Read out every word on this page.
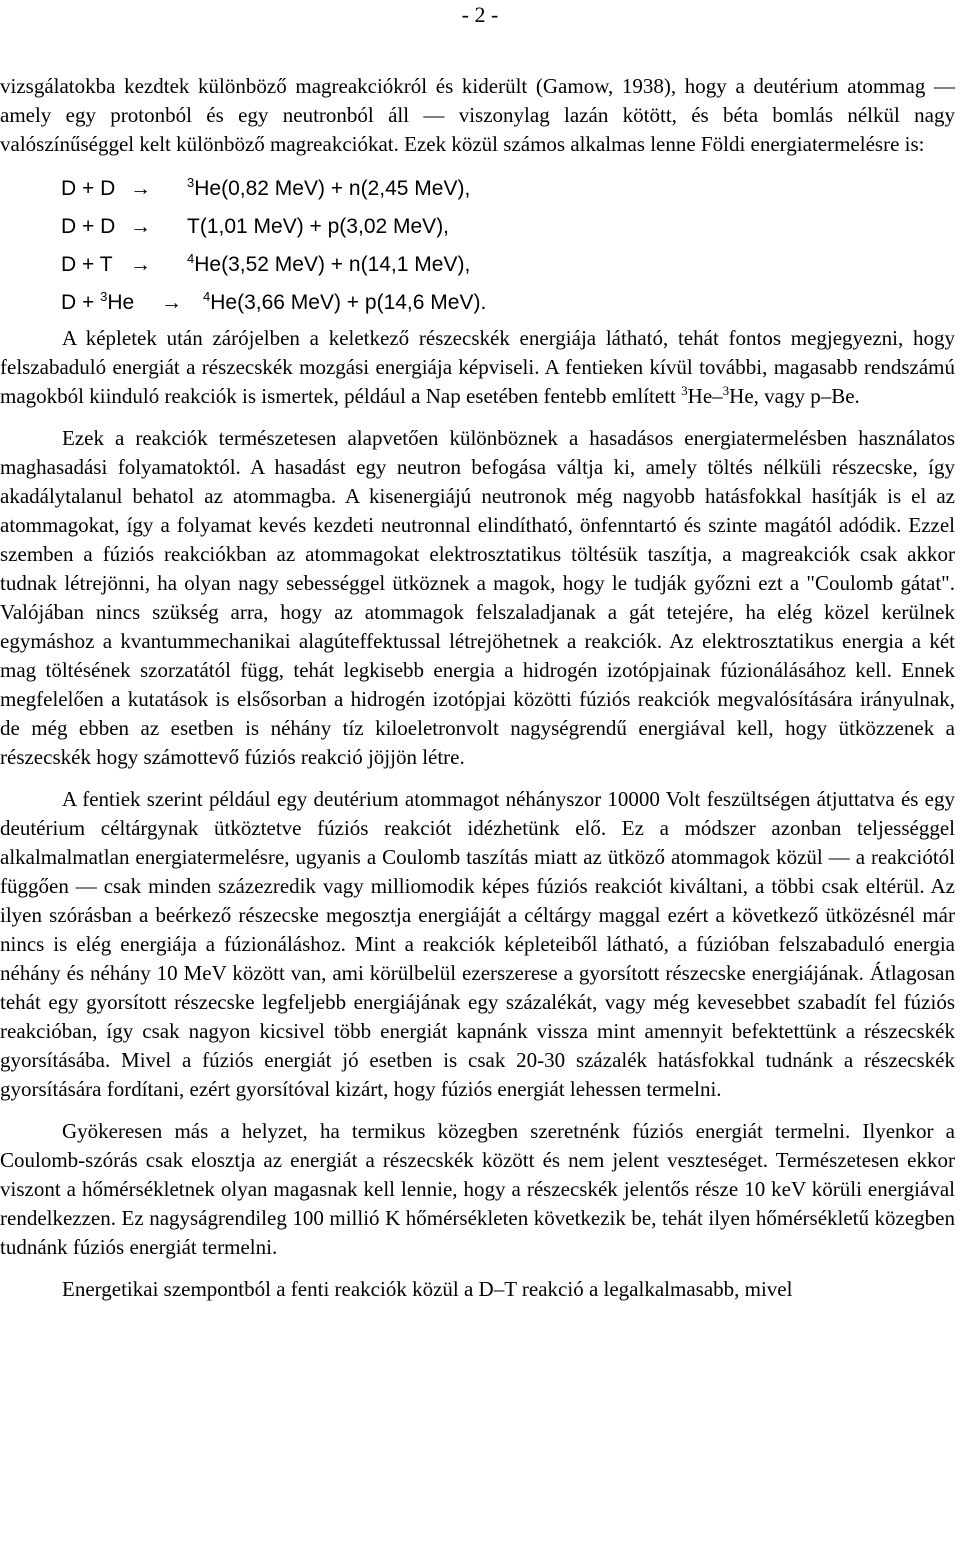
- 2 -

vizsgálatokba kezdtek különböző magreakciókról és kiderült (Gamow, 1938), hogy a deutérium atommag — amely egy protonból és egy neutronból áll — viszonylag lazán kötött, és béta bomlás nélkül nagy valószínűséggel kelt különböző magreakciókat. Ezek közül számos alkalmas lenne Földi energiatermelésre is:

D + D →	$^3$He(0,82 MeV) + n(2,45 MeV),
D + D → T(1,01 MeV) + p(3,02 MeV),
D + T →	$^4$He(3,52 MeV) + n(14,1 MeV),
D + $^3$He → $^4$He(3,66 MeV) + p(14,6 MeV).

A képletek után zárójelben a keletkező részecskék energiája látható, tehát fontos megjegyezni, hogy felszabaduló energiát a részecskék mozgási energiája képviseli. A fentieken kívül további, magasabb rendszámú magokból kiinduló reakciók is ismertek, például a Nap esetében fentebb említett $^3$He–$^3$He, vagy p–Be.

Ezek a reakciók természetesen alapvetően különböznek a hasadásos energiatermelésben használatos maghasadási folyamatoktól. A hasadást egy neutron befogása váltja ki, amely töltés nélküli részecske, így akadálytalanul behatol az atommagba. A kisenergiájú neutronok még nagyobb hatásfokkal hasítják is el az atommagokat, így a folyamat kevés kezdeti neutronnal elindítható, önfenntartó és szinte magától adódik. Ezzel szemben a fúziós reakciókban az atommagokat elektrosztatikus töltésük taszítja, a magreakciók csak akkor tudnak létrejönni, ha olyan nagy sebességgel ütköznek a magok, hogy le tudják győzni ezt a "Coulomb gátat". Valójában nincs szükség arra, hogy az atommagok felszaladjanak a gát tetejére, ha elég közel kerülnek egymáshoz a kvantummechanikai alagúteffektussal létrejöhetnek a reakciók. Az elektrosztatikus energia a két mag töltésének szorzatától függ, tehát legkisebb energia a hidrogén izotópjainak fúzionálásához kell. Ennek megfelelően a kutatások is elsősorban a hidrogén izotópjai közötti fúziós reakciók megvalósítására irányulnak, de még ebben az esetben is néhány tíz kiloeletronvolt nagységrendű energiával kell, hogy ütközzenek a részecskék hogy számottevő fúziós reakció jöjjön létre.

A fentiek szerint például egy deutérium atommagot néhányszor 10000 Volt feszültségen átjuttatva és egy deutérium céltárgynak ütköztetve fúziós reakciót idézhetünk elő. Ez a módszer azonban teljességgel alkalmalmatlan energiatermelésre, ugyanis a Coulomb taszítás miatt az ütköző atommagok közül — a reakciótól függően — csak minden százezredik vagy milliomodik képes fúziós reakciót kiváltani, a többi csak eltérül. Az ilyen szórásban a beérkező részecske megosztja energiáját a céltárgy maggal ezért a következő ütközésnél már nincs is elég energiája a fúzionáláshoz. Mint a reakciók képleteiből látható, a fúzióban felszabaduló energia néhány és néhány 10 MeV között van, ami körülbelül ezerszerese a gyorsított részecske energiájának. Átlagosan tehát egy gyorsított részecske legfeljebb energiájának egy százalékát, vagy még kevesebbet szabadít fel fúziós reakcióban, így csak nagyon kicsivel több energiát kapnánk vissza mint amennyit befektettünk a részecskék gyorsításába. Mivel a fúziós energiát jó esetben is csak 20-30 százalék hatásfokkal tudnánk a részecskék gyorsítására fordítani, ezért gyorsítóval kizárt, hogy fúziós energiát lehessen termelni.

Gyökeresen más a helyzet, ha termikus közegben szeretnénk fúziós energiát termelni. Ilyenkor a Coulomb-szórás csak elosztja az energiát a részecskék között és nem jelent veszteséget. Természetesen ekkor viszont a hőmérsékletnek olyan magasnak kell lennie, hogy a részecskék jelentős része 10 keV körüli energiával rendelkezzen. Ez nagyságrendileg 100 millió K hőmérsékleten következik be, tehát ilyen hőmérsékletű közegben tudnánk fúziós energiát termelni.

Energetikai szempontból a fenti reakciók közül a D–T reakció a legalkalmasabb, mivel
